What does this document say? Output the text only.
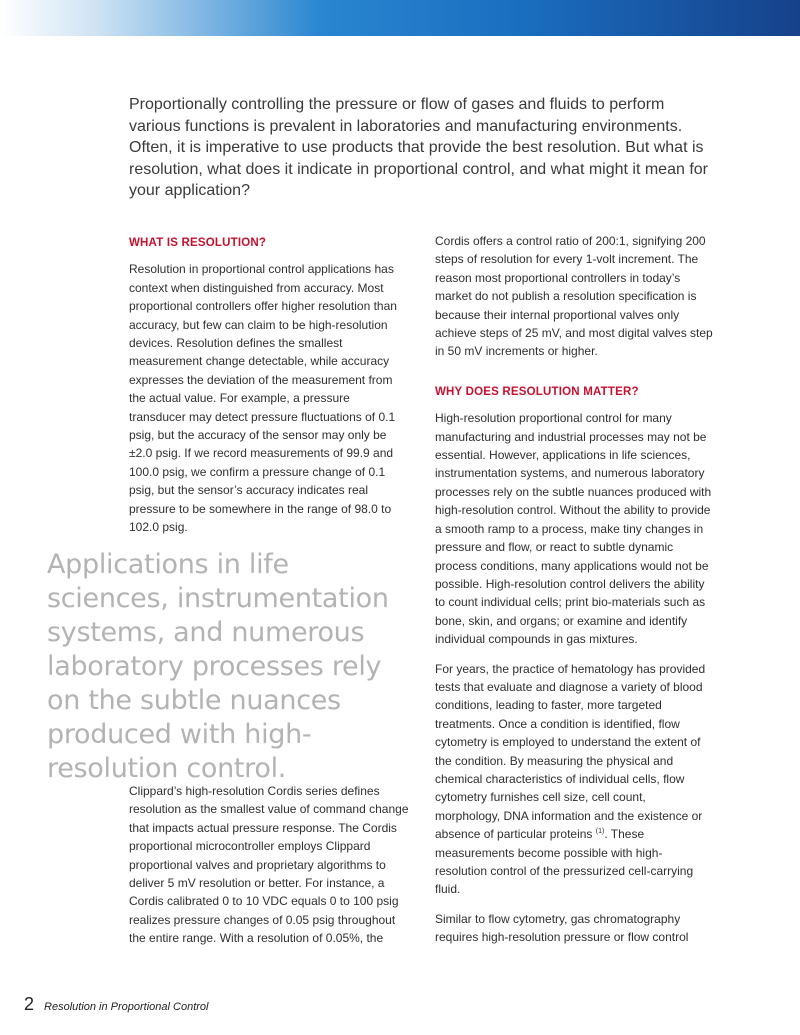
Proportionally controlling the pressure or flow of gases and fluids to perform various functions is prevalent in laboratories and manufacturing environments. Often, it is imperative to use products that provide the best resolution. But what is resolution, what does it indicate in proportional control, and what might it mean for your application?
WHAT IS RESOLUTION?

Resolution in proportional control applications has context when distinguished from accuracy. Most proportional controllers offer higher resolution than accuracy, but few can claim to be high-resolution devices. Resolution defines the smallest measurement change detectable, while accuracy expresses the deviation of the measurement from the actual value. For example, a pressure transducer may detect pressure fluctuations of 0.1 psig, but the accuracy of the sensor may only be ±2.0 psig. If we record measurements of 99.9 and 100.0 psig, we confirm a pressure change of 0.1 psig, but the sensor’s accuracy indicates real pressure to be somewhere in the range of 98.0 to 102.0 psig.

Applications in life sciences, instrumentation systems, and numerous laboratory processes rely on the subtle nuances produced with high-resolution control.

Clippard’s high-resolution Cordis series defines resolution as the smallest value of command change that impacts actual pressure response. The Cordis proportional microcontroller employs Clippard proportional valves and proprietary algorithms to deliver 5 mV resolution or better. For instance, a Cordis calibrated 0 to 10 VDC equals 0 to 100 psig realizes pressure changes of 0.05 psig throughout the entire range. With a resolution of 0.05%, the

Cordis offers a control ratio of 200:1, signifying 200 steps of resolution for every 1-volt increment. The reason most proportional controllers in today’s market do not publish a resolution specification is because their internal proportional valves only achieve steps of 25 mV, and most digital valves step in 50 mV increments or higher.

WHY DOES RESOLUTION MATTER?

High-resolution proportional control for many manufacturing and industrial processes may not be essential. However, applications in life sciences, instrumentation systems, and numerous laboratory processes rely on the subtle nuances produced with high-resolution control. Without the ability to provide a smooth ramp to a process, make tiny changes in pressure and flow, or react to subtle dynamic process conditions, many applications would not be possible. High-resolution control delivers the ability to count individual cells; print bio-materials such as bone, skin, and organs; or examine and identify individual compounds in gas mixtures.

For years, the practice of hematology has provided tests that evaluate and diagnose a variety of blood conditions, leading to faster, more targeted treatments. Once a condition is identified, flow cytometry is employed to understand the extent of the condition. By measuring the physical and chemical characteristics of individual cells, flow cytometry furnishes cell size, cell count, morphology, DNA information and the existence or absence of particular proteins $^{(1)}$. These measurements become possible with high-resolution control of the pressurized cell-carrying fluid.

Similar to flow cytometry, gas chromatography requires high-resolution pressure or flow control

2 Resolution in Proportional Control
